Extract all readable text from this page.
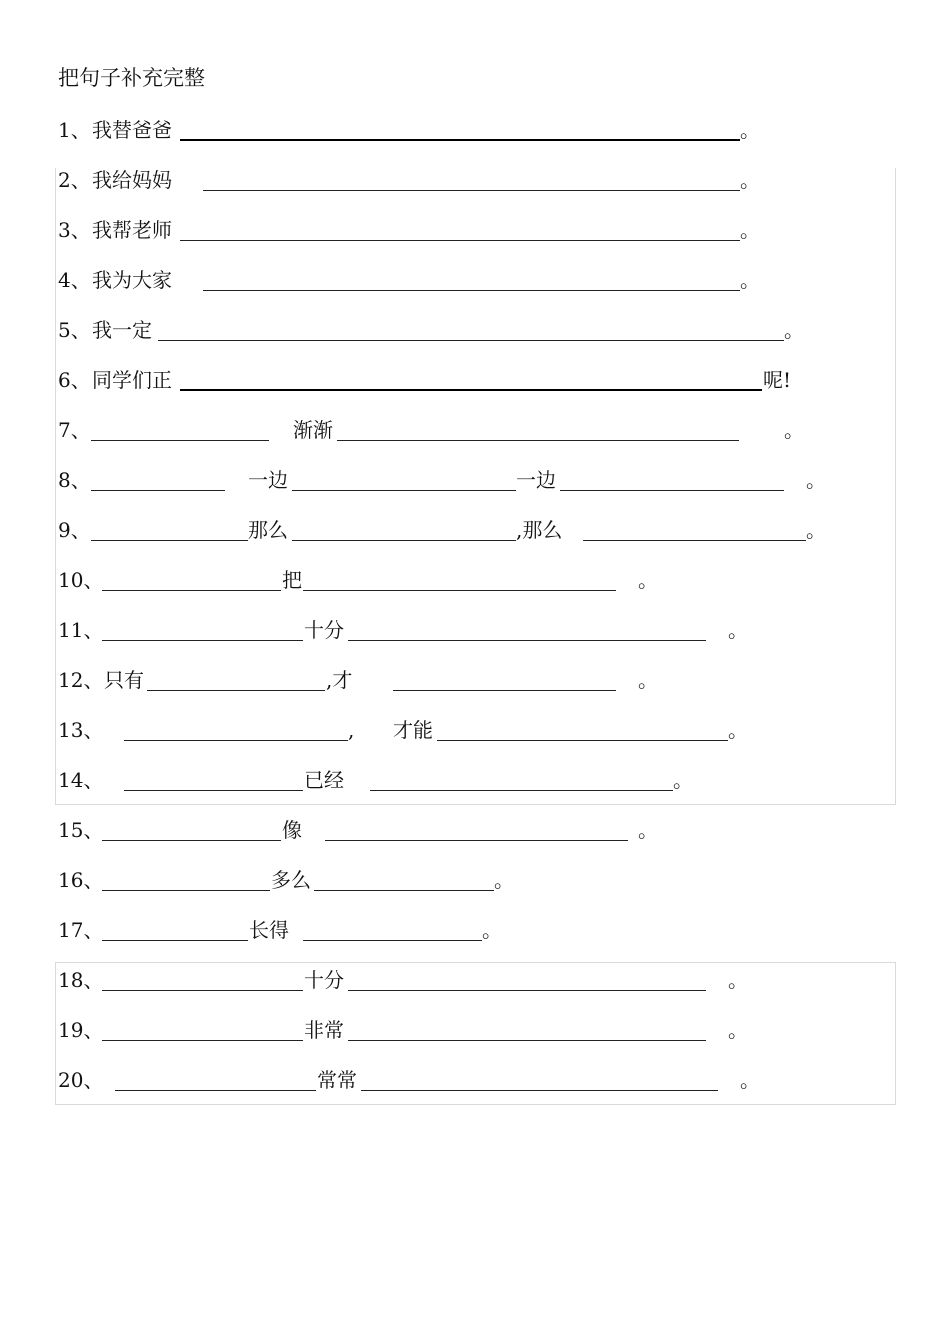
把句子补充完整
1、 我替爸爸	。
2、 我给妈妈	。
3、 我帮老师	。
4、 我为大家	。
5、 我一定	。
6、 同学们正	呢!
7、	渐渐	。
8、	一边	一边	。
9、	那么	,那么	。
10、	把	。
11、	十分	。
12、 只有	,才	。
13、	, 才能	。
14、	已经	。
15、	像	。
16、	多么	。
17、	长得	。
18、	十分	。
19、	非常	。
20、	常常	。
